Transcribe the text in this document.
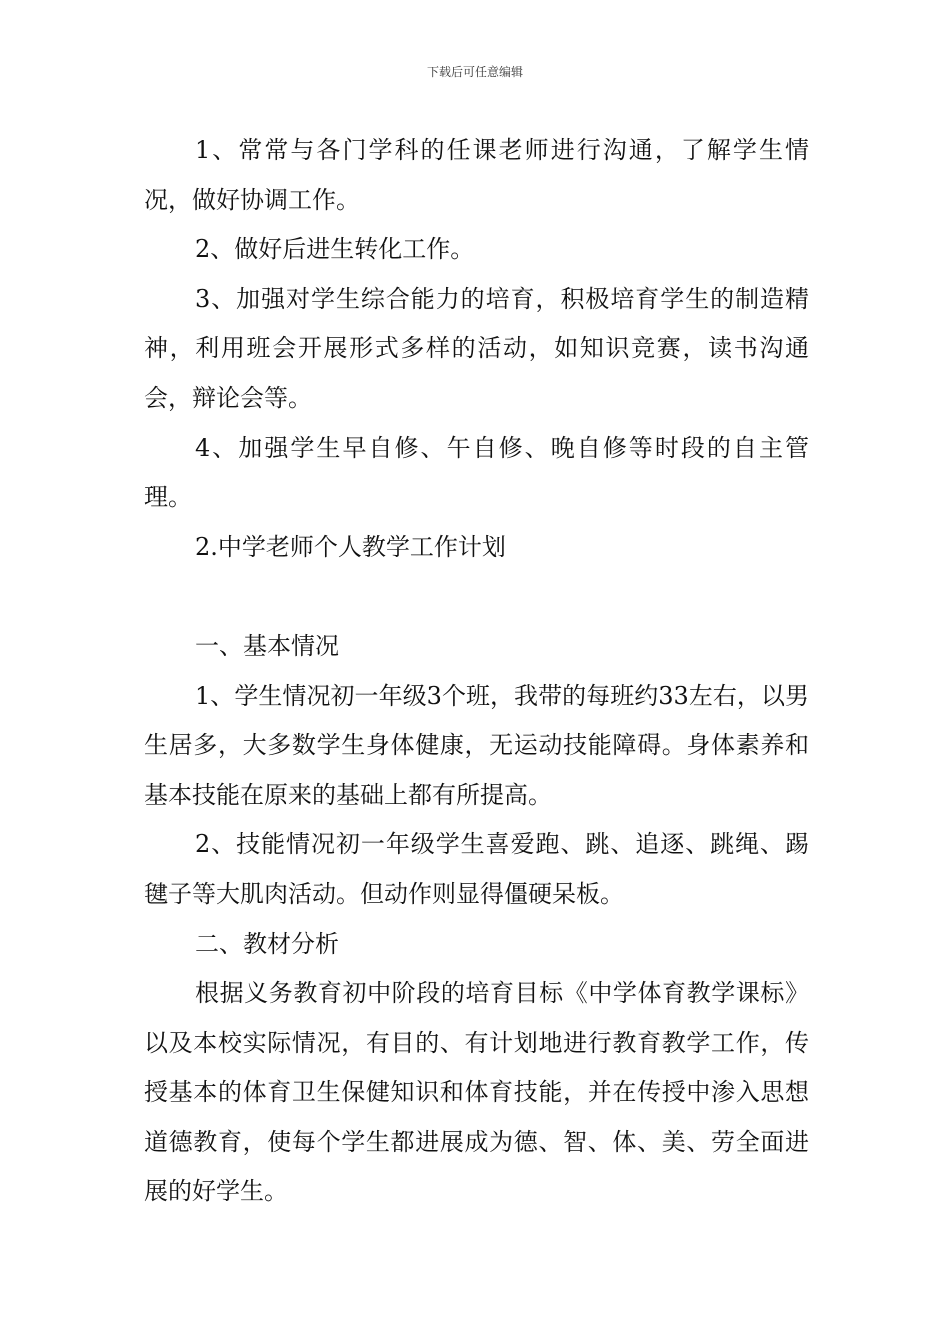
下载后可任意编辑

1、常常与各门学科的任课老师进行沟通，了解学生情况，做好协调工作。

2、做好后进生转化工作。

3、加强对学生综合能力的培育，积极培育学生的制造精神，利用班会开展形式多样的活动，如知识竞赛，读书沟通会，辩论会等。

4、加强学生早自修、午自修、晚自修等时段的自主管理。

2.中学老师个人教学工作计划

一、基本情况

1、学生情况初一年级3个班，我带的每班约33左右，以男生居多，大多数学生身体健康，无运动技能障碍。身体素养和基本技能在原来的基础上都有所提高。

2、技能情况初一年级学生喜爱跑、跳、追逐、跳绳、踢毽子等大肌肉活动。但动作则显得僵硬呆板。

二、教材分析

根据义务教育初中阶段的培育目标《中学体育教学课标》以及本校实际情况，有目的、有计划地进行教育教学工作，传授基本的体育卫生保健知识和体育技能，并在传授中渗入思想道德教育，使每个学生都进展成为德、智、体、美、劳全面进展的好学生。
